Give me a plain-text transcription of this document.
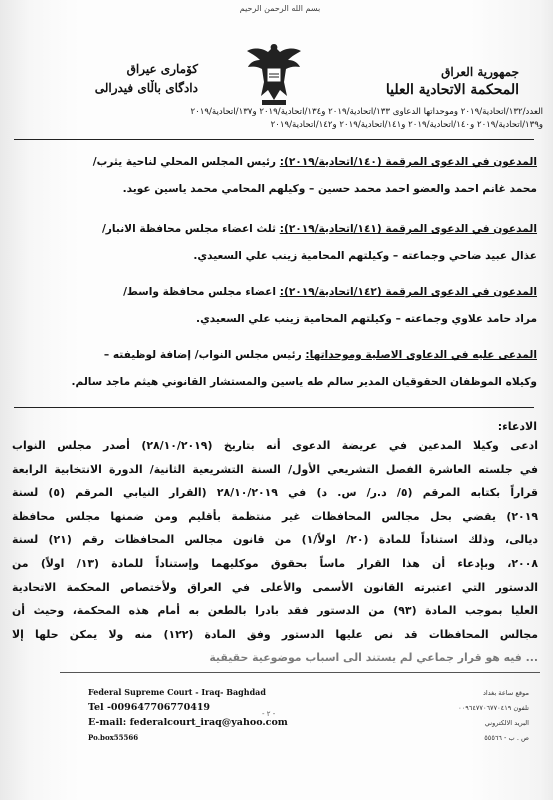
بسم الله الرحمن الرحيم
جمهورية العراق
المحكمة الاتحادية العليا
كۆماری عیراق
دادگاى باڵاى فيدرالى
العدد/١٣٢/اتحادية/٢٠١٩ وموحداتها الدعاوى ١٣٣/اتحادية/٢٠١٩ و١٣٤/اتحادية/٢٠١٩ و١٣٧/اتحادية/٢٠١٩
و١٣٩/اتحادية/٢٠١٩ و١٤٠/اتحادية/٢٠١٩ و١٤١/اتحادية/٢٠١٩ و١٤٢/اتحادية/٢٠١٩
المدعون في الدعوى المرقمة (١٤٠/اتحادية/٢٠١٩): رئيس المجلس المحلي لناحية يثرب/
محمد غانم احمد والعضو احمد محمد حسين – وكيلهم المحامي محمد ياسين عويد.
المدعون في الدعوى المرقمة (١٤١/اتحادية/٢٠١٩): ثلث اعضاء مجلس محافظة الانبار/
عذال عبيد ضاحي وجماعته – وكيلتهم المحامية زينب علي السعيدي.
المدعون في الدعوى المرقمة (١٤٢/اتحادية/٢٠١٩): اعضاء مجلس محافظة واسط/
مراد حامد علاوي وجماعته – وكيلتهم المحامية زينب علي السعيدي.
المدعى عليه في الدعاوى الاصلية وموحداتها: رئيس مجلس النواب/ إضافة لوظيفته –
وكيلاه الموظفان الحقوقيان المدير سالم طه ياسين والمستشار القانوني هيثم ماجد سالم.
الادعاء:
ادعى وكيلا المدعين في عريضة الدعوى أنه بتاريخ (٢٨/١٠/٢٠١٩) أصدر مجلس النواب
في جلسته العاشرة الفصل التشريعي الأول/ السنة التشريعية الثانية/ الدورة الانتخابية الرابعة
قراراً بكتابه المرقم (٥/ د.ر/ س. د) في ٢٨/١٠/٢٠١٩ (القرار النيابي المرقم (٥) لسنة
٢٠١٩) يقضي بحل مجالس المحافظات غير منتظمة بأقليم ومن ضمنها مجلس محافظة
ديالى، وذلك استناداً للمادة (٢٠/ اولاً/١) من قانون مجالس المحافظات رقم (٢١) لسنة
٢٠٠٨، وبإدعاء أن هذا القرار ماساً بحقوق موكليهما وإستناداً للمادة (١٣/ اولاً) من
الدستور التي اعتبرته القانون الأسمى والأعلى في العراق ولأختصاص المحكمة الاتحادية
العليا بموجب المادة (٩٣) من الدستور فقد بادرا بالطعن به أمام هذه المحكمة، وحيث أن
مجالس المحافظات قد نص عليها الدستور وفق المادة (١٢٢) منه ولا يمكن حلها إلا
... فيه هو قرار جماعي لم يستند الى اسباب موضوعية حقيقية
Federal Supreme Court - Iraq- Baghdad
Tel -009647706770419
E-mail: federalcourt_iraq@yahoo.com
Po.box55566
- ٢ -
موقع ساعة بغداد
تلفون ٠٠٩٦٤٧٧٠٦٧٧٠٤١٩
البريد الالكتروني
ص . ب - ٥٥٥٦٦
